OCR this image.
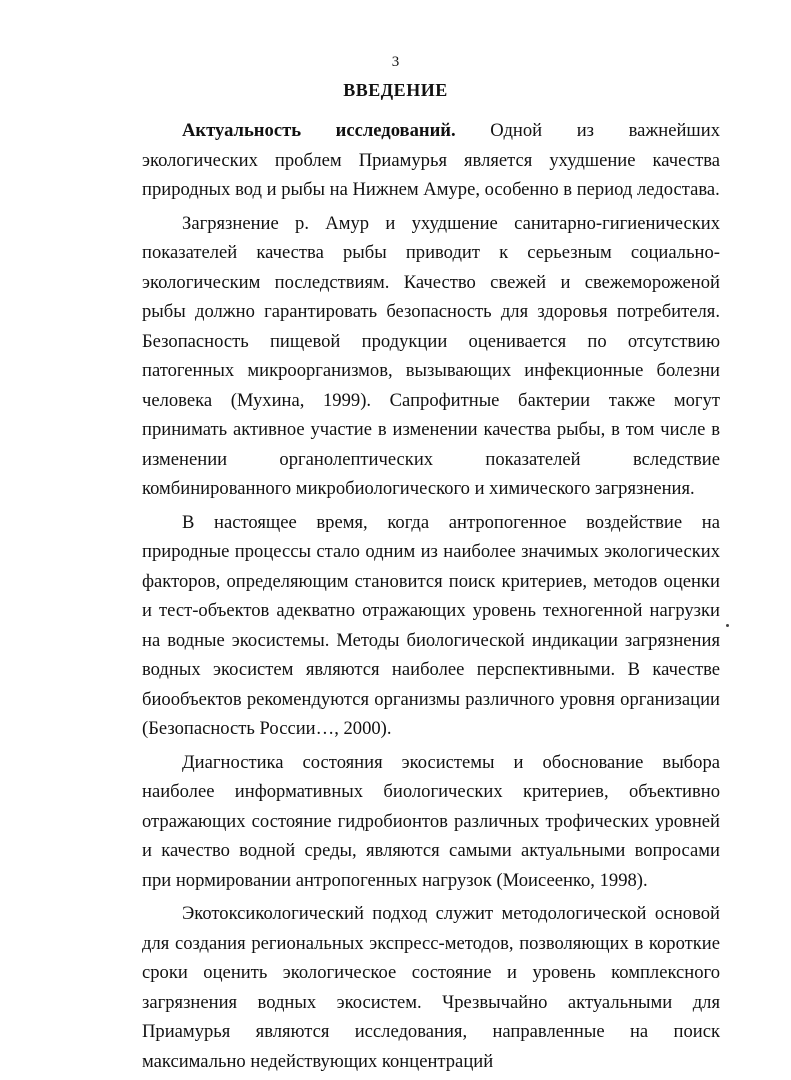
3
ВВЕДЕНИЕ

Актуальность исследований. Одной из важнейших экологических проблем Приамурья является ухудшение качества природных вод и рыбы на Нижнем Амуре, особенно в период ледостава.

Загрязнение р. Амур и ухудшение санитарно-гигиенических показателей качества рыбы приводит к серьезным социально-экологическим последствиям. Качество свежей и свежемороженой рыбы должно гарантировать безопасность для здоровья потребителя. Безопасность пищевой продукции оценивается по отсутствию патогенных микроорганизмов, вызывающих инфекционные болезни человека (Мухина, 1999). Сапрофитные бактерии также могут принимать активное участие в изменении качества рыбы, в том числе в изменении органолептических показателей вследствие комбинированного микробиологического и химического загрязнения.

В настоящее время, когда антропогенное воздействие на природные процессы стало одним из наиболее значимых экологических факторов, определяющим становится поиск критериев, методов оценки и тест-объектов адекватно отражающих уровень техногенной нагрузки на водные экосистемы. Методы биологической индикации загрязнения водных экосистем являются наиболее перспективными. В качестве биообъектов рекомендуются организмы различного уровня организации (Безопасность России…, 2000).

Диагностика состояния экосистемы и обоснование выбора наиболее информативных биологических критериев, объективно отражающих состояние гидробионтов различных трофических уровней и качество водной среды, являются самыми актуальными вопросами при нормировании антропогенных нагрузок (Моисеенко, 1998).

Экотоксикологический подход служит методологической основой для создания региональных экспресс-методов, позволяющих в короткие сроки оценить экологическое состояние и уровень комплексного загрязнения водных экосистем. Чрезвычайно актуальными для Приамурья являются исследования, направленные на поиск максимально недействующих концентраций
